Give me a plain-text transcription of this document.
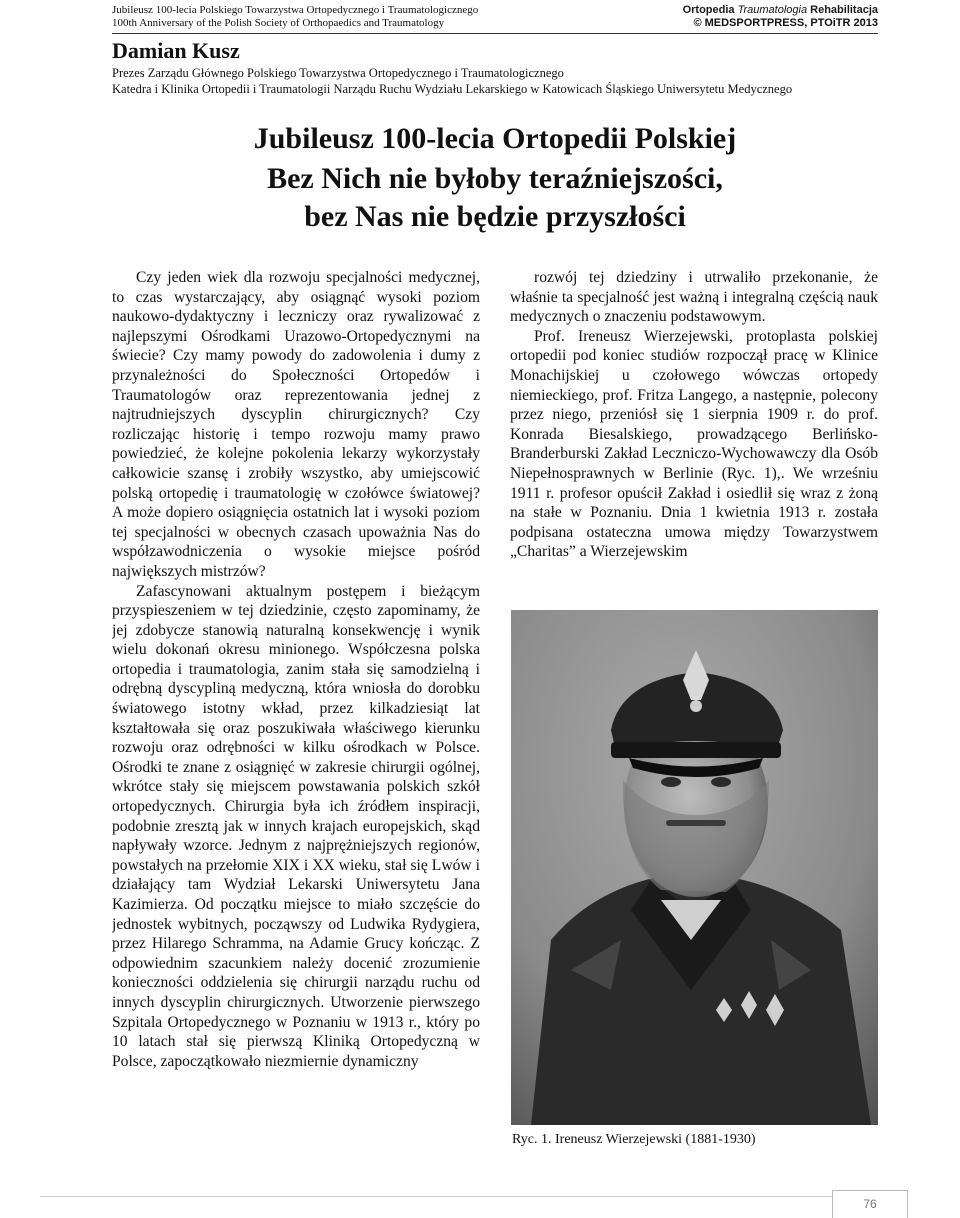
Jubileusz 100-lecia Polskiego Towarzystwa Ortopedycznego i Traumatologicznego
100th Anniversary of the Polish Society of Orthopaedics and Traumatology
Ortopedia Traumatologia Rehabilitacja
© MEDSPORTPRESS, PTOiTR 2013
Damian Kusz
Prezes Zarządu Głównego Polskiego Towarzystwa Ortopedycznego i Traumatologicznego
Katedra i Klinika Ortopedii i Traumatologii Narządu Ruchu Wydziału Lekarskiego w Katowicach Śląskiego Uniwersytetu Medycznego
Jubileusz 100-lecia Ortopedii Polskiej
Bez Nich nie byłoby teraźniejszości,
bez Nas nie będzie przyszłości

Czy jeden wiek dla rozwoju specjalności medycznej, to czas wystarczający, aby osiągnąć wysoki poziom naukowo-dydaktyczny i leczniczy oraz rywalizować z najlepszymi Ośrodkami Urazowo-Ortopedycznymi na świecie? Czy mamy powody do zadowolenia i dumy z przynależności do Społeczności Ortopedów i Traumatologów oraz reprezentowania jednej z najtrudniejszych dyscyplin chirurgicznych? Czy rozliczając historię i tempo rozwoju mamy prawo powiedzieć, że kolejne pokolenia lekarzy wykorzystały całkowicie szansę i zrobiły wszystko, aby umiejscowić polską ortopedię i traumatologię w czołówce światowej? A może dopiero osiągnięcia ostatnich lat i wysoki poziom tej specjalności w obecnych czasach upoważnia Nas do współzawodniczenia o wysokie miejsce pośród największych mistrzów?

Zafascynowani aktualnym postępem i bieżącym przyspieszeniem w tej dziedzinie, często zapominamy, że jej zdobycze stanowią naturalną konsekwencję i wynik wielu dokonań okresu minionego. Współczesna polska ortopedia i traumatologia, zanim stała się samodzielną i odrębną dyscypliną medyczną, która wniosła do dorobku światowego istotny wkład, przez kilkadziesiąt lat kształtowała się oraz poszukiwała właściwego kierunku rozwoju oraz odrębności w kilku ośrodkach w Polsce. Ośrodki te znane z osiągnięć w zakresie chirurgii ogólnej, wkrótce stały się miejscem powstawania polskich szkół ortopedycznych. Chirurgia była ich źródłem inspiracji, podobnie zresztą jak w innych krajach europejskich, skąd napływały wzorce. Jednym z najprężniejszych regionów, powstałych na przełomie XIX i XX wieku, stał się Lwów i działający tam Wydział Lekarski Uniwersytetu Jana Kazimierza. Od początku miejsce to miało szczęście do jednostek wybitnych, począwszy od Ludwika Rydygiera, przez Hilarego Schramma, na Adamie Grucy kończąc. Z odpowiednim szacunkiem należy docenić zrozumienie konieczności oddzielenia się chirurgii narządu ruchu od innych dyscyplin chirurgicznych. Utworzenie pierwszego Szpitala Ortopedycznego w Poznaniu w 1913 r., który po 10 latach stał się pierwszą Kliniką Ortopedyczną w Polsce, zapoczątkowało niezmiernie dynamiczny

rozwój tej dziedziny i utrwaliło przekonanie, że właśnie ta specjalność jest ważną i integralną częścią nauk medycznych o znaczeniu podstawowym.

Prof. Ireneusz Wierzejewski, protoplasta polskiej ortopedii pod koniec studiów rozpoczął pracę w Klinice Monachijskiej u czołowego wówczas ortopedy niemieckiego, prof. Fritza Langego, a następnie, polecony przez niego, przeniósł się 1 sierpnia 1909 r. do prof. Konrada Biesalskiego, prowadzącego Berlińsko-Branderburski Zakład Leczniczo-Wychowawczy dla Osób Niepełnosprawnych w Berlinie (Ryc. 1),. We wrześniu 1911 r. profesor opuścił Zakład i osiedlił się wraz z żoną na stałe w Poznaniu. Dnia 1 kwietnia 1913 r. została podpisana ostateczna umowa między Towarzystwem „Charitas” a Wierzejewskim

Ryc. 1. Ireneusz Wierzejewski (1881-1930)
76
